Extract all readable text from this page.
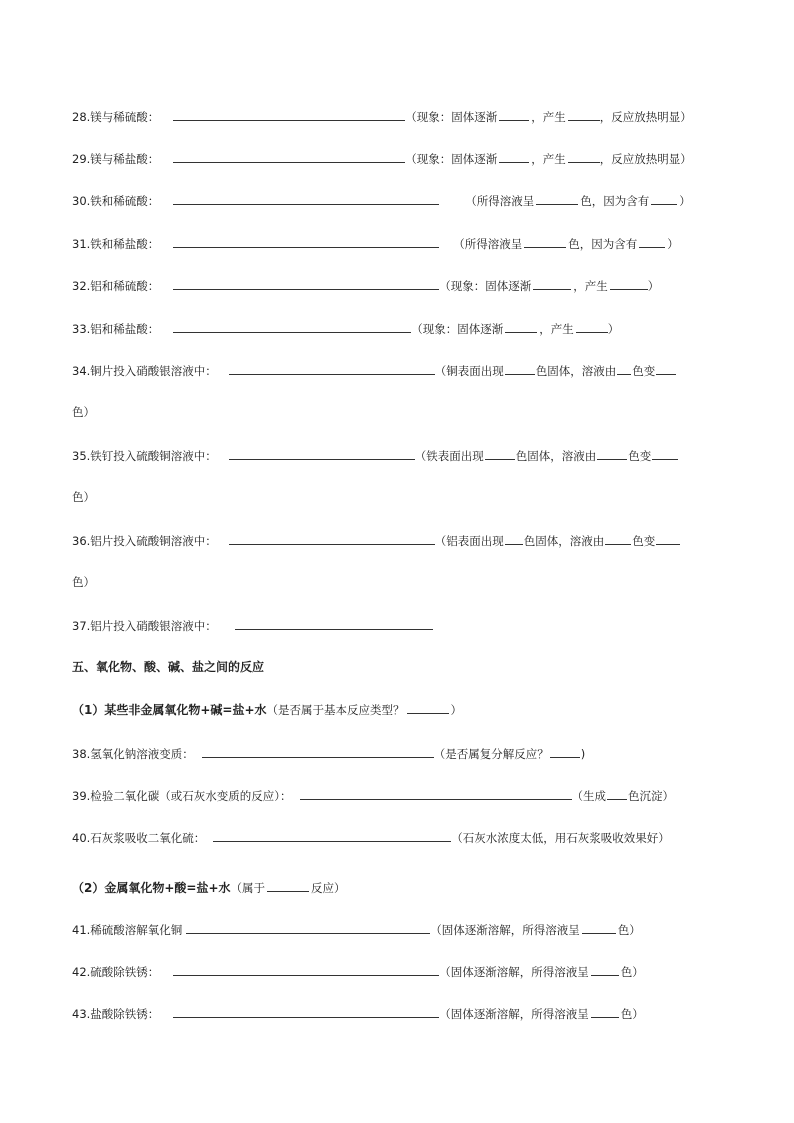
28.镁与稀硫酸：	（现象：固体逐渐	，产生	，反应放热明显）
29.镁与稀盐酸：	（现象：固体逐渐	，产生	，反应放热明显）
30.铁和稀硫酸：	（所得溶液呈	色，因为含有	）
31.铁和稀盐酸：	（所得溶液呈	色，因为含有	）
32.铝和稀硫酸：	（现象：固体逐渐	，产生	）
33.铝和稀盐酸：	（现象：固体逐渐	，产生	）
34.铜片投入硝酸银溶液中：	（铜表面出现	色固体，溶液由 色变
色）
35.铁钉投入硫酸铜溶液中：	（铁表面出现	色固体，溶液由	色变
色）
36.铝片投入硫酸铜溶液中：	（铝表面出现 色固体，溶液由 色变
色）
37.铝片投入硝酸银溶液中：
五、氧化物、酸、碱、盐之间的反应
（1）某些非金属氧化物+碱=盐+水（是否属于基本反应类型？	）
38.氢氧化钠溶液变质：	（是否属复分解反应？	)
39.检验二氧化碳（或石灰水变质的反应）：	（生成 色沉淀）
40.石灰浆吸收二氧化硫：	（石灰水浓度太低，用石灰浆吸收效果好）
（2）金属氧化物+酸=盐+水（属于	反应）
41.稀硫酸溶解氧化铜	（固体逐渐溶解，所得溶液呈	色）
42.硫酸除铁锈：	（固体逐渐溶解，所得溶液呈	色）
43.盐酸除铁锈：	（固体逐渐溶解，所得溶液呈	色）
